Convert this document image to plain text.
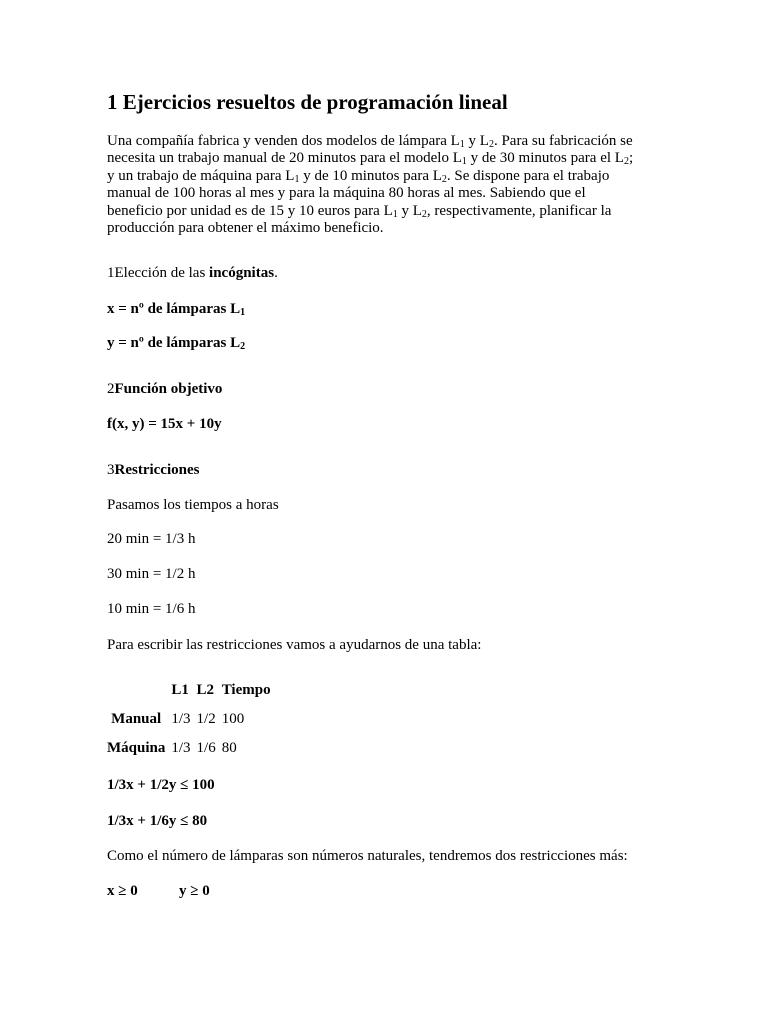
1 Ejercicios resueltos de programación lineal

Una compañía fabrica y venden dos modelos de lámpara $L_1$ y $L_2$. Para su fabricación se necesita un trabajo manual de 20 minutos para el modelo $L_1$ y de 30 minutos para el $L_2$; y un trabajo de máquina para $L_1$ y de 10 minutos para $L_2$. Se dispone para el trabajo manual de 100 horas al mes y para la máquina 80 horas al mes. Sabiendo que el beneficio por unidad es de 15 y 10 euros para $L_1$ y $L_2$, respectivamente, planificar la producción para obtener el máximo beneficio.

1Elección de las incógnitas.

x = nº de lámparas $L_1$

y = nº de lámparas $L_2$

2Función objetivo

f(x, y) = 15x + 10y

3Restricciones

Pasamos los tiempos a horas

20 min = 1/3 h

30 min = 1/2 h

10 min = 1/6 h

Para escribir las restricciones vamos a ayudarnos de una tabla:

	L1	L2	Tiempo
Manual	1/3	1/2	100
Máquina	1/3	1/6	80

1/3x + 1/2y ≤ 100

1/3x + 1/6y ≤ 80

Como el número de lámparas son números naturales, tendremos dos restricciones más:

x ≥ 0	y ≥ 0
